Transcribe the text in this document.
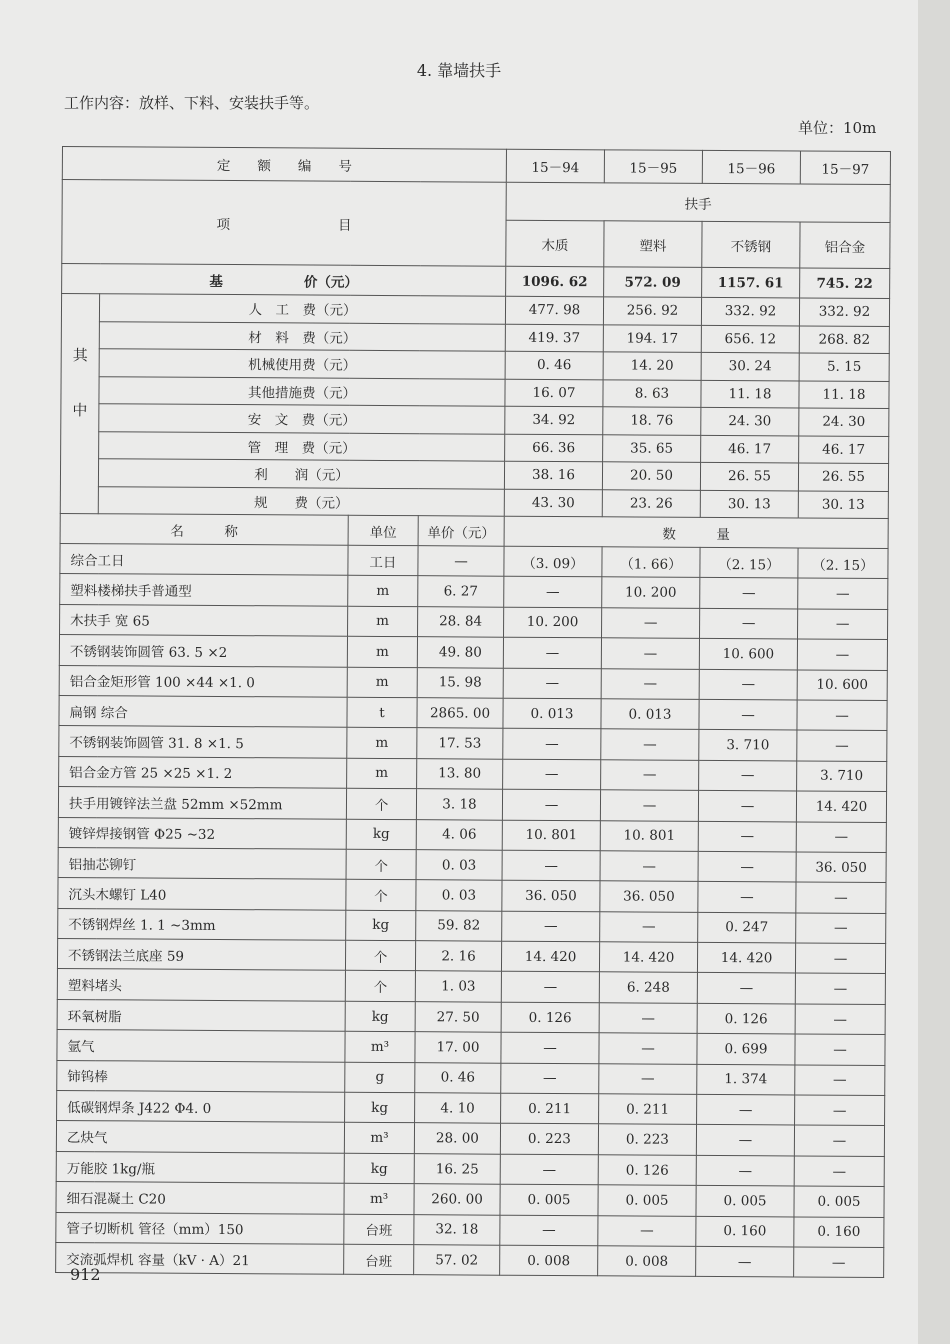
4. 靠墙扶手
工作内容：放样、下料、安装扶手等。
单位：10m
定　　额　　编　　号				15－94	15－95	15－96	15－97
项　　　　　　　　目				扶手			
				木质	塑料	不锈钢	铝合金
基　　　　　　价（元）				1096. 62	572. 09	1157. 61	745. 22
其中	人　工　费（元）			477. 98	256. 92	332. 92	332. 92
	材　料　费（元）			419. 37	194. 17	656. 12	268. 82
	机械使用费（元）			0. 46	14. 20	30. 24	5. 15
	其他措施费（元）			16. 07	8. 63	11. 18	11. 18
	安　文　费（元）			34. 92	18. 76	24. 30	24. 30
	管　理　费（元）			66. 36	35. 65	46. 17	46. 17
	利　　润（元）			38. 16	20. 50	26. 55	26. 55
	规　　费（元）			43. 30	23. 26	30. 13	30. 13
名　　　称		单位	单价（元）	数　　　量			
综合工日		工日	—	（3. 09）	（1. 66）	（2. 15）	（2. 15）
塑料楼梯扶手普通型		m	6. 27	—	10. 200	—	—
木扶手 宽 65		m	28. 84	10. 200	—	—	—
不锈钢装饰圆管 63. 5 ×2		m	49. 80	—	—	10. 600	—
铝合金矩形管 100 ×44 ×1. 0		m	15. 98	—	—	—	10. 600
扁钢 综合		t	2865. 00	0. 013	0. 013	—	—
不锈钢装饰圆管 31. 8 ×1. 5		m	17. 53	—	—	3. 710	—
铝合金方管 25 ×25 ×1. 2		m	13. 80	—	—	—	3. 710
扶手用镀锌法兰盘 52mm ×52mm		个	3. 18	—	—	—	14. 420
镀锌焊接钢管 Φ25 ~32		kg	4. 06	10. 801	10. 801	—	—
铝抽芯铆钉		个	0. 03	—	—	—	36. 050
沉头木螺钉 L40		个	0. 03	36. 050	36. 050	—	—
不锈钢焊丝 1. 1 ~3mm		kg	59. 82	—	—	0. 247	—
不锈钢法兰底座 59		个	2. 16	14. 420	14. 420	14. 420	—
塑料堵头		个	1. 03	—	6. 248	—	—
环氧树脂		kg	27. 50	0. 126	—	0. 126	—
氩气		m³	17. 00	—	—	0. 699	—
铈钨棒		g	0. 46	—	—	1. 374	—
低碳钢焊条 J422 Φ4. 0		kg	4. 10	0. 211	0. 211	—	—
乙炔气		m³	28. 00	0. 223	0. 223	—	—
万能胶 1kg/瓶		kg	16. 25	—	0. 126	—	—
细石混凝土 C20		m³	260. 00	0. 005	0. 005	0. 005	0. 005
管子切断机 管径（mm）150		台班	32. 18	—	—	0. 160	0. 160
交流弧焊机 容量（kV · A）21		台班	57. 02	0. 008	0. 008	—	—
912
